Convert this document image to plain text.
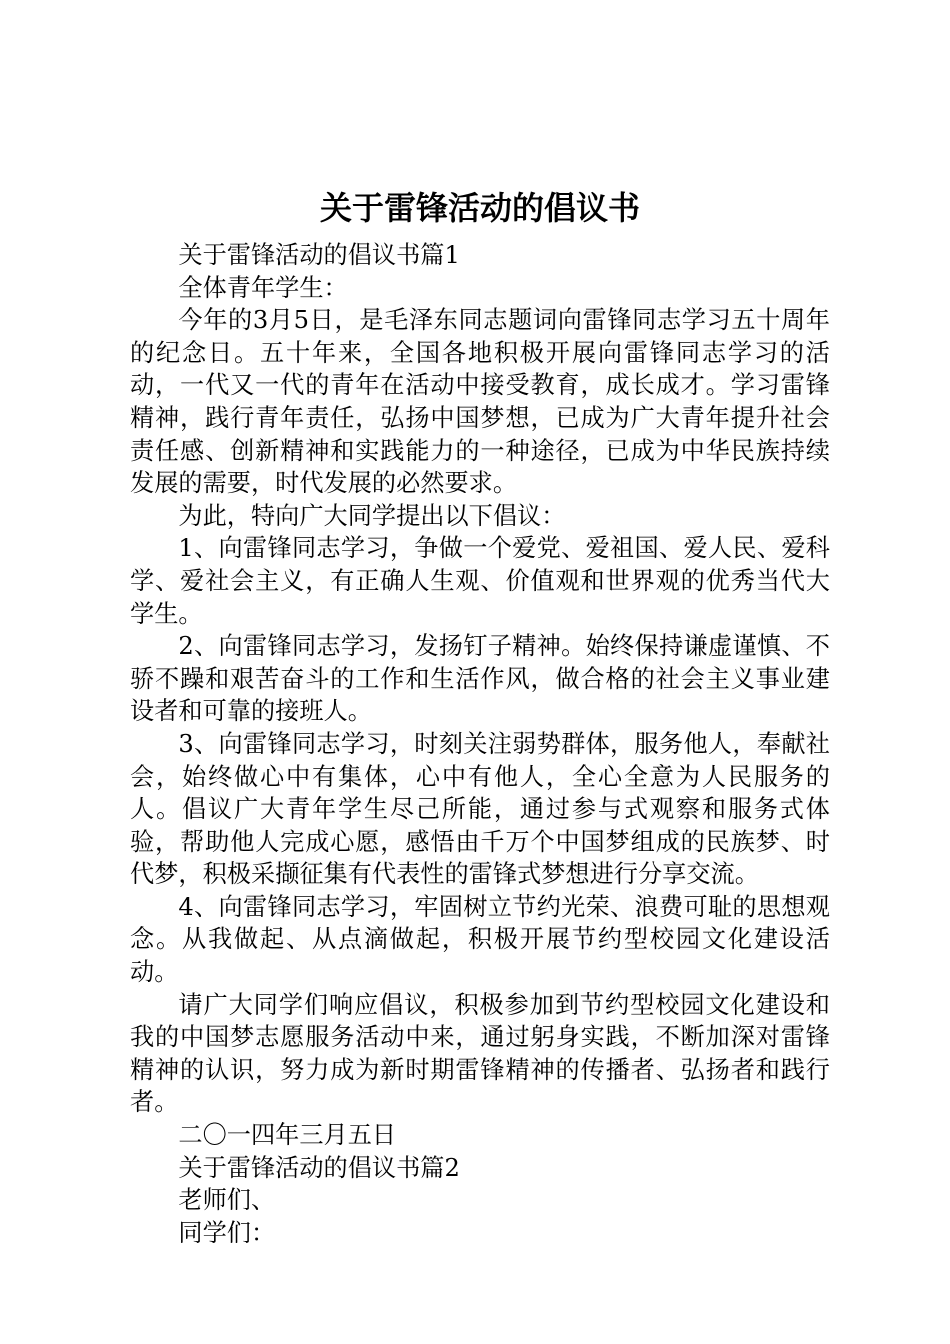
关于雷锋活动的倡议书

关于雷锋活动的倡议书篇1

全体青年学生：

今年的3月5日，是毛泽东同志题词向雷锋同志学习五十周年的纪念日。五十年来，全国各地积极开展向雷锋同志学习的活动，一代又一代的青年在活动中接受教育，成长成才。学习雷锋精神，践行青年责任，弘扬中国梦想，已成为广大青年提升社会责任感、创新精神和实践能力的一种途径，已成为中华民族持续发展的需要，时代发展的必然要求。

为此，特向广大同学提出以下倡议：

1、向雷锋同志学习，争做一个爱党、爱祖国、爱人民、爱科学、爱社会主义，有正确人生观、价值观和世界观的优秀当代大学生。

2、向雷锋同志学习，发扬钉子精神。始终保持谦虚谨慎、不骄不躁和艰苦奋斗的工作和生活作风，做合格的社会主义事业建设者和可靠的接班人。

3、向雷锋同志学习，时刻关注弱势群体，服务他人，奉献社会，始终做心中有集体，心中有他人，全心全意为人民服务的人。倡议广大青年学生尽己所能，通过参与式观察和服务式体验，帮助他人完成心愿，感悟由千万个中国梦组成的民族梦、时代梦，积极采撷征集有代表性的雷锋式梦想进行分享交流。

4、向雷锋同志学习，牢固树立节约光荣、浪费可耻的思想观念。从我做起、从点滴做起，积极开展节约型校园文化建设活动。

请广大同学们响应倡议，积极参加到节约型校园文化建设和我的中国梦志愿服务活动中来，通过躬身实践，不断加深对雷锋精神的认识，努力成为新时期雷锋精神的传播者、弘扬者和践行者。

二〇一四年三月五日

关于雷锋活动的倡议书篇2

老师们、

同学们：
